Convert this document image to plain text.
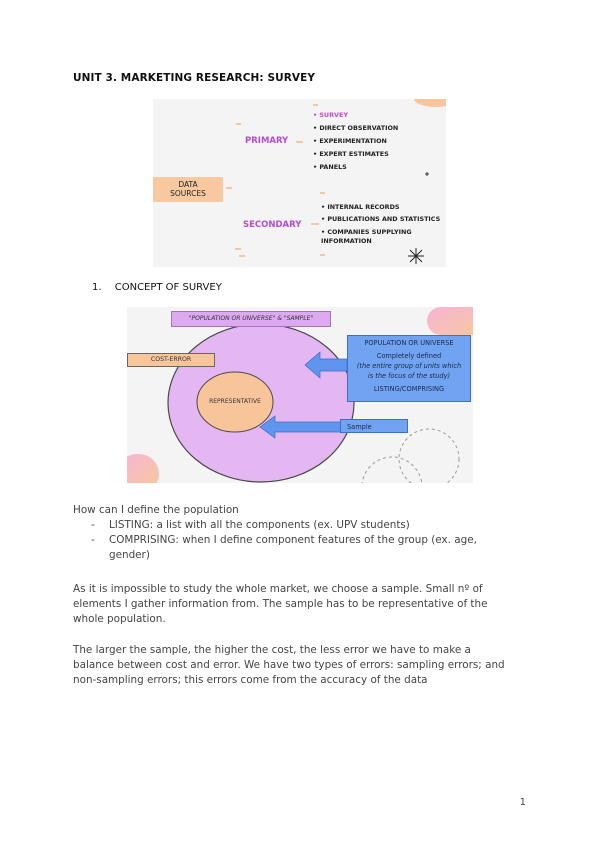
UNIT 3. MARKETING RESEARCH: SURVEY
DATA
SOURCES
PRIMARY
• SURVEY
• DIRECT OBSERVATION
• EXPERIMENTATION
• EXPERT ESTIMATES
• PANELS
SECONDARY
• INTERNAL RECORDS
• PUBLICATIONS AND STATISTICS
• COMPANIES SUPPLYING
INFORMATION
1. CONCEPT OF SURVEY
"POPULATION OR UNIVERSE" & "SAMPLE"
COST-ERROR
REPRESENTATIVE
POPULATION OR UNIVERSE
Completely defined
(the entire group of units which
is the focus of the study)
LISTING/COMPRISING
Sample
How can I define the population
-	LISTING: a list with all the components (ex. UPV students)
-	COMPRISING: when I define component features of the group (ex. age,
gender)
As it is impossible to study the whole market, we choose a sample. Small nº of
elements I gather information from. The sample has to be representative of the
whole population.
The larger the sample, the higher the cost, the less error we have to make a
balance between cost and error. We have two types of errors: sampling errors; and
non-sampling errors; this errors come from the accuracy of the data
1
